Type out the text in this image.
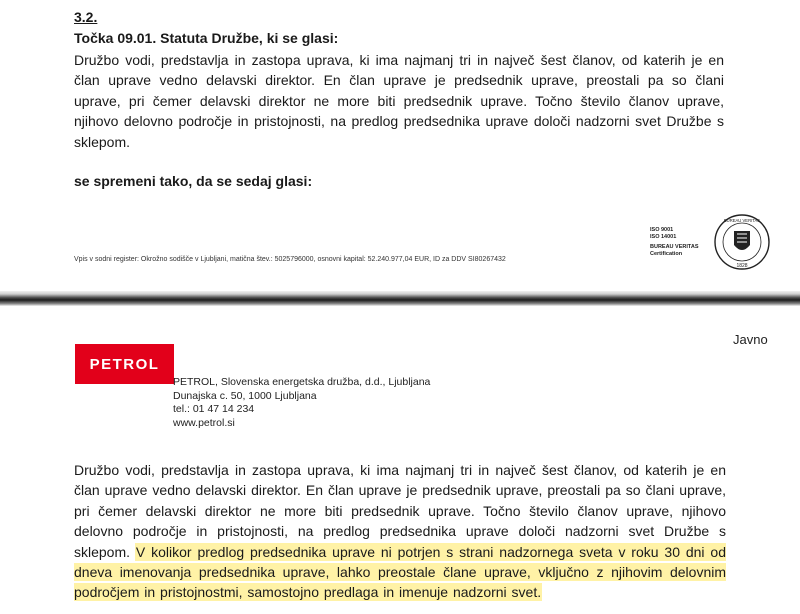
3.2.
Točka 09.01. Statuta Družbe, ki se glasi:
Družbo vodi, predstavlja in zastopa uprava, ki ima najmanj tri in največ šest članov, od katerih je en član uprave vedno delavski direktor. En član uprave je predsednik uprave, preostali pa so člani uprave, pri čemer delavski direktor ne more biti predsednik uprave. Točno število članov uprave, njihovo delovno področje in pristojnosti, na predlog predsednika uprave določi nadzorni svet Družbe s sklepom.
se spremeni tako, da se sedaj glasi:
Vpis v sodni register: Okrožno sodišče v Ljubljani, matična štev.: 5025796000, osnovni kapital: 52.240.977,04 EUR, ID za DDV SI80267432
ISO 9001
ISO 14001
BUREAU VERITAS
Certification
1828
BUREAU VERITAS
Javno
PETROL
PETROL, Slovenska energetska družba, d.d., Ljubljana
Dunajska c. 50, 1000 Ljubljana
tel.: 01 47 14 234
www.petrol.si
Družbo vodi, predstavlja in zastopa uprava, ki ima najmanj tri in največ šest članov, od katerih je en član uprave vedno delavski direktor. En član uprave je predsednik uprave, preostali pa so člani uprave, pri čemer delavski direktor ne more biti predsednik uprave. Točno število članov uprave, njihovo delovno področje in pristojnosti, na predlog predsednika uprave določi nadzorni svet Družbe s sklepom. V kolikor predlog predsednika uprave ni potrjen s strani nadzornega sveta v roku 30 dni od dneva imenovanja predsednika uprave, lahko preostale člane uprave, vključno z njihovim delovnim področjem in pristojnostmi, samostojno predlaga in imenuje nadzorni svet.
